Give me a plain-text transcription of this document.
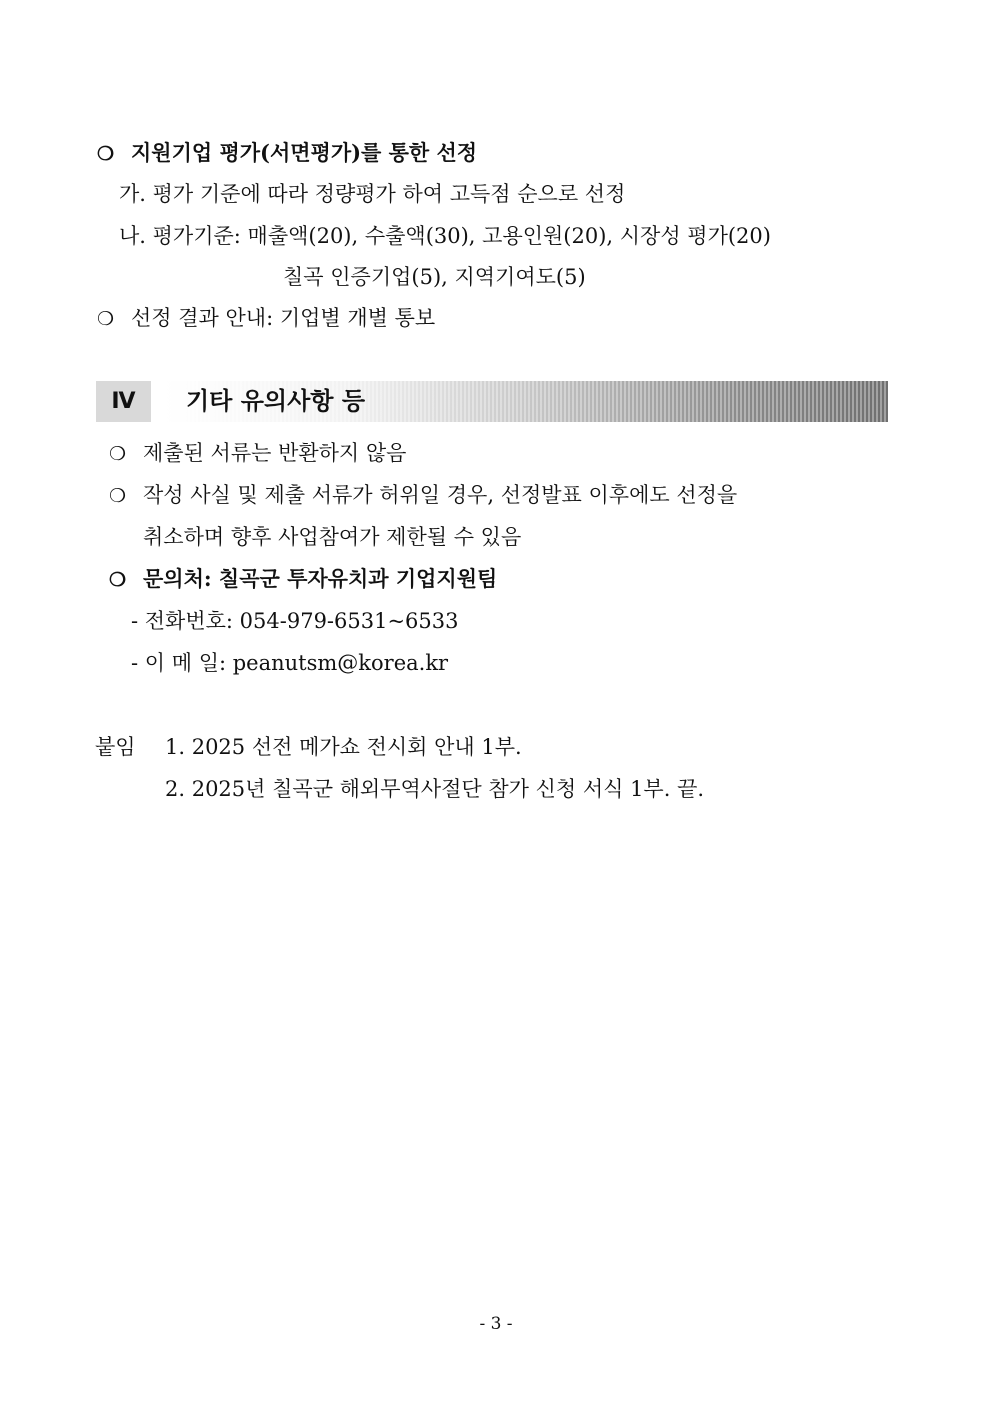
❍ 지원기업 평가(서면평가)를 통한 선정
가. 평가 기준에 따라 정량평가 하여 고득점 순으로 선정
나. 평가기준: 매출액(20), 수출액(30), 고용인원(20), 시장성 평가(20)
칠곡 인증기업(5), 지역기여도(5)
❍ 선정 결과 안내: 기업별 개별 통보
Ⅳ	기타 유의사항 등
❍ 제출된 서류는 반환하지 않음
❍ 작성 사실 및 제출 서류가 허위일 경우, 선정발표 이후에도 선정을
취소하며 향후 사업참여가 제한될 수 있음
❍ 문의처: 칠곡군 투자유치과 기업지원팀
- 전화번호: 054-979-6531~6533
- 이 메 일: peanutsm@korea.kr
붙임 1. 2025 선전 메가쇼 전시회 안내 1부.
2. 2025년 칠곡군 해외무역사절단 참가 신청 서식 1부. 끝.
- 3 -
